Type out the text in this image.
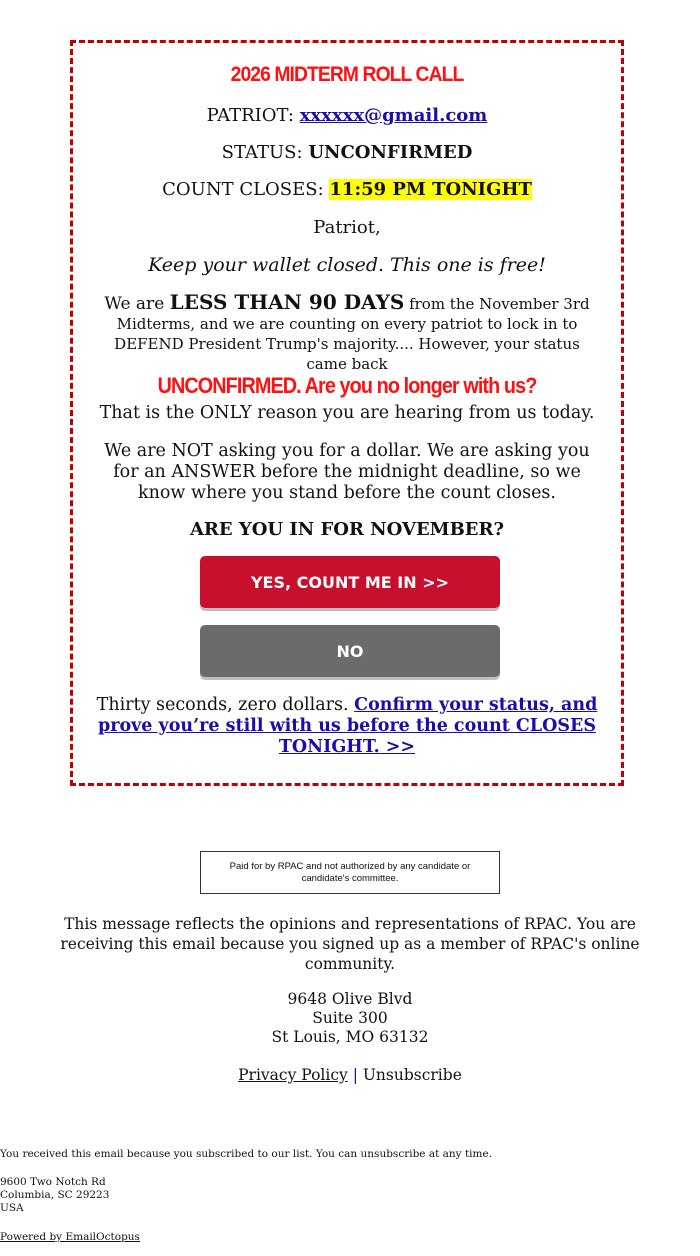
2026 MIDTERM ROLL CALL
PATRIOT: xxxxxx@gmail.com
STATUS: UNCONFIRMED
COUNT CLOSES: 11:59 PM TONIGHT
Patriot,
Keep your wallet closed. This one is free!
We are LESS THAN 90 DAYS from the November 3rd Midterms, and we are counting on every patriot to lock in to DEFEND President Trump's majority.... However, your status came back
UNCONFIRMED. Are you no longer with us?
That is the ONLY reason you are hearing from us today.
We are NOT asking you for a dollar. We are asking you for an ANSWER before the midnight deadline, so we know where you stand before the count closes.
ARE YOU IN FOR NOVEMBER?
YES, COUNT ME IN >>
NO
Thirty seconds, zero dollars. Confirm your status, and prove you’re still with us before the count CLOSES TONIGHT. >>
Paid for by RPAC and not authorized by any candidate or candidate's committee.
This message reflects the opinions and representations of RPAC. You are receiving this email because you signed up as a member of RPAC's online community.
9648 Olive Blvd
Suite 300
St Louis, MO 63132
Privacy Policy | Unsubscribe
You received this email because you subscribed to our list. You can unsubscribe at any time.
9600 Two Notch Rd
Columbia, SC 29223
USA
Powered by EmailOctopus
